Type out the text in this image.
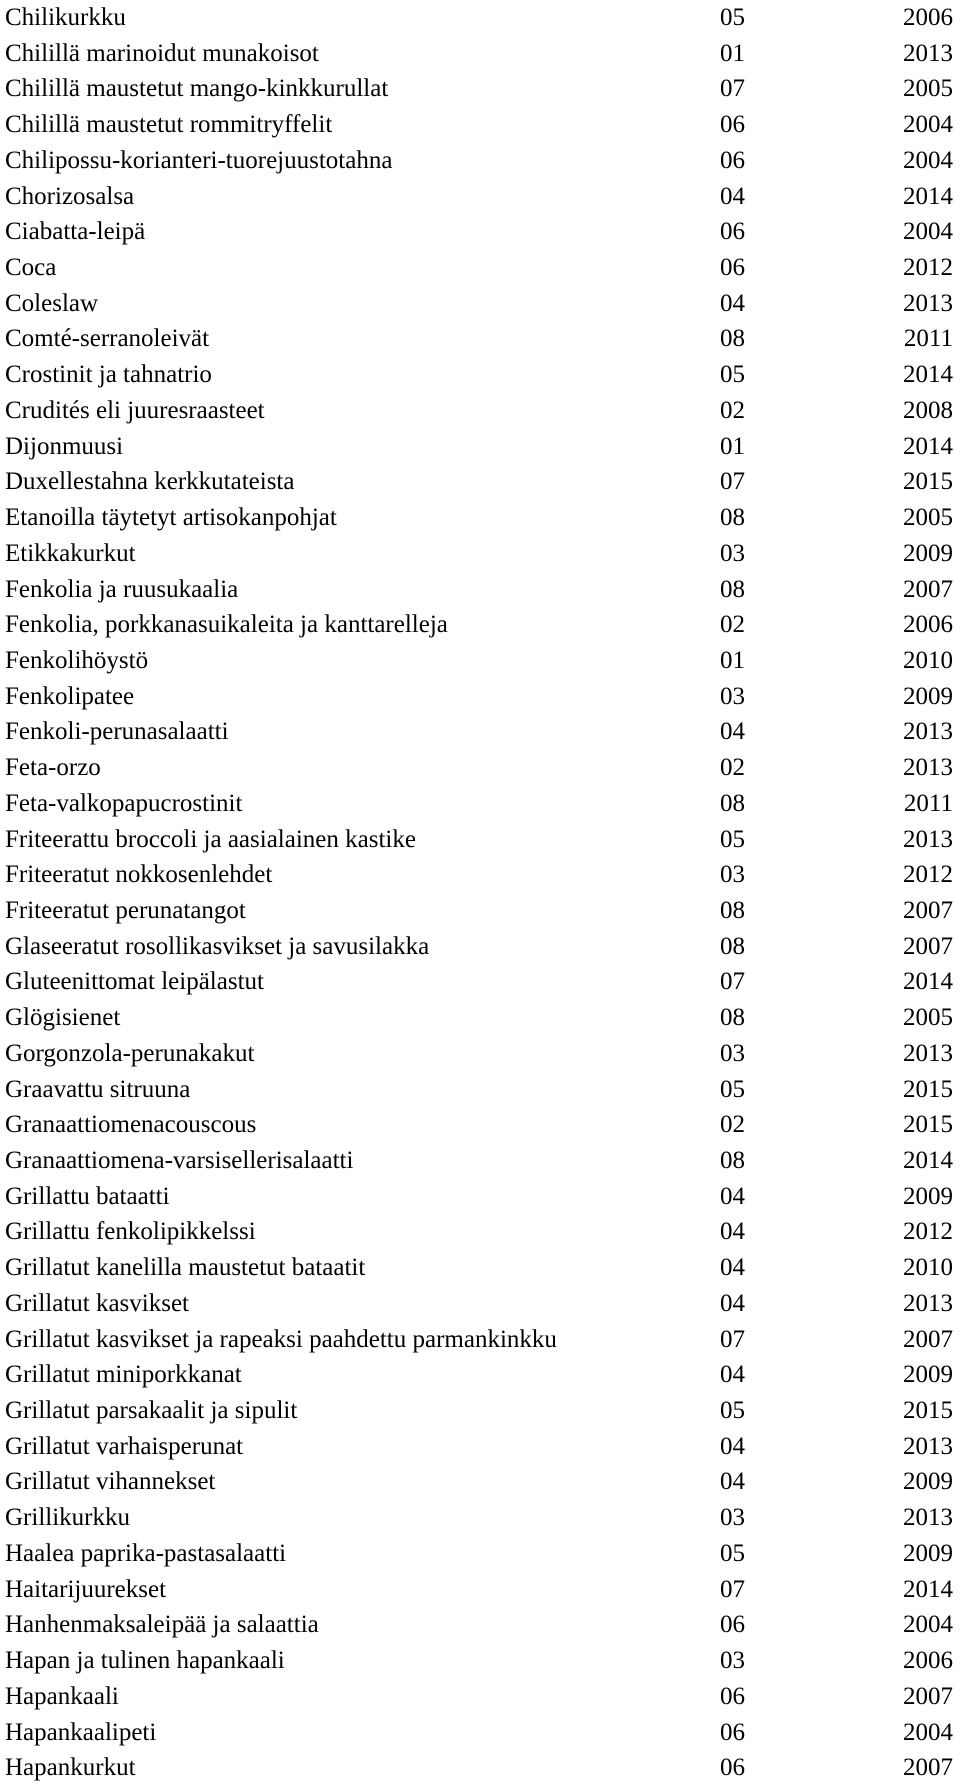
Chilikurkku	05	2006
Chilillä marinoidut munakoisot	01	2013
Chilillä maustetut mango-kinkkurullat	07	2005
Chilillä maustetut rommitryffelit	06	2004
Chilipossu-korianteri-tuorejuustotahna	06	2004
Chorizosalsa	04	2014
Ciabatta-leipä	06	2004
Coca	06	2012
Coleslaw	04	2013
Comté-serranoleivät	08	2011
Crostinit ja tahnatrio	05	2014
Crudités eli juuresraasteet	02	2008
Dijonmuusi	01	2014
Duxellestahna kerkkutateista	07	2015
Etanoilla täytetyt artisokanpohjat	08	2005
Etikkakurkut	03	2009
Fenkolia ja ruusukaalia	08	2007
Fenkolia, porkkanasuikaleita ja kanttarelleja	02	2006
Fenkolihöystö	01	2010
Fenkolipatee	03	2009
Fenkoli-perunasalaatti	04	2013
Feta-orzo	02	2013
Feta-valkopapucrostinit	08	2011
Friteerattu broccoli ja aasialainen kastike	05	2013
Friteeratut nokkosenlehdet	03	2012
Friteeratut perunatangot	08	2007
Glaseeratut rosollikasvikset ja savusilakka	08	2007
Gluteenittomat leipälastut	07	2014
Glögisienet	08	2005
Gorgonzola-perunakakut	03	2013
Graavattu sitruuna	05	2015
Granaattiomenacouscous	02	2015
Granaattiomena-varsisellerisalaatti	08	2014
Grillattu bataatti	04	2009
Grillattu fenkolipikkelssi	04	2012
Grillatut kanelilla maustetut bataatit	04	2010
Grillatut kasvikset	04	2013
Grillatut kasvikset ja rapeaksi paahdettu parmankinkku	07	2007
Grillatut miniporkkanat	04	2009
Grillatut parsakaalit ja sipulit	05	2015
Grillatut varhaisperunat	04	2013
Grillatut vihannekset	04	2009
Grillikurkku	03	2013
Haalea paprika-pastasalaatti	05	2009
Haitarijuurekset	07	2014
Hanhenmaksaleipää ja salaattia	06	2004
Hapan ja tulinen hapankaali	03	2006
Hapankaali	06	2007
Hapankaalipeti	06	2004
Hapankurkut	06	2007
